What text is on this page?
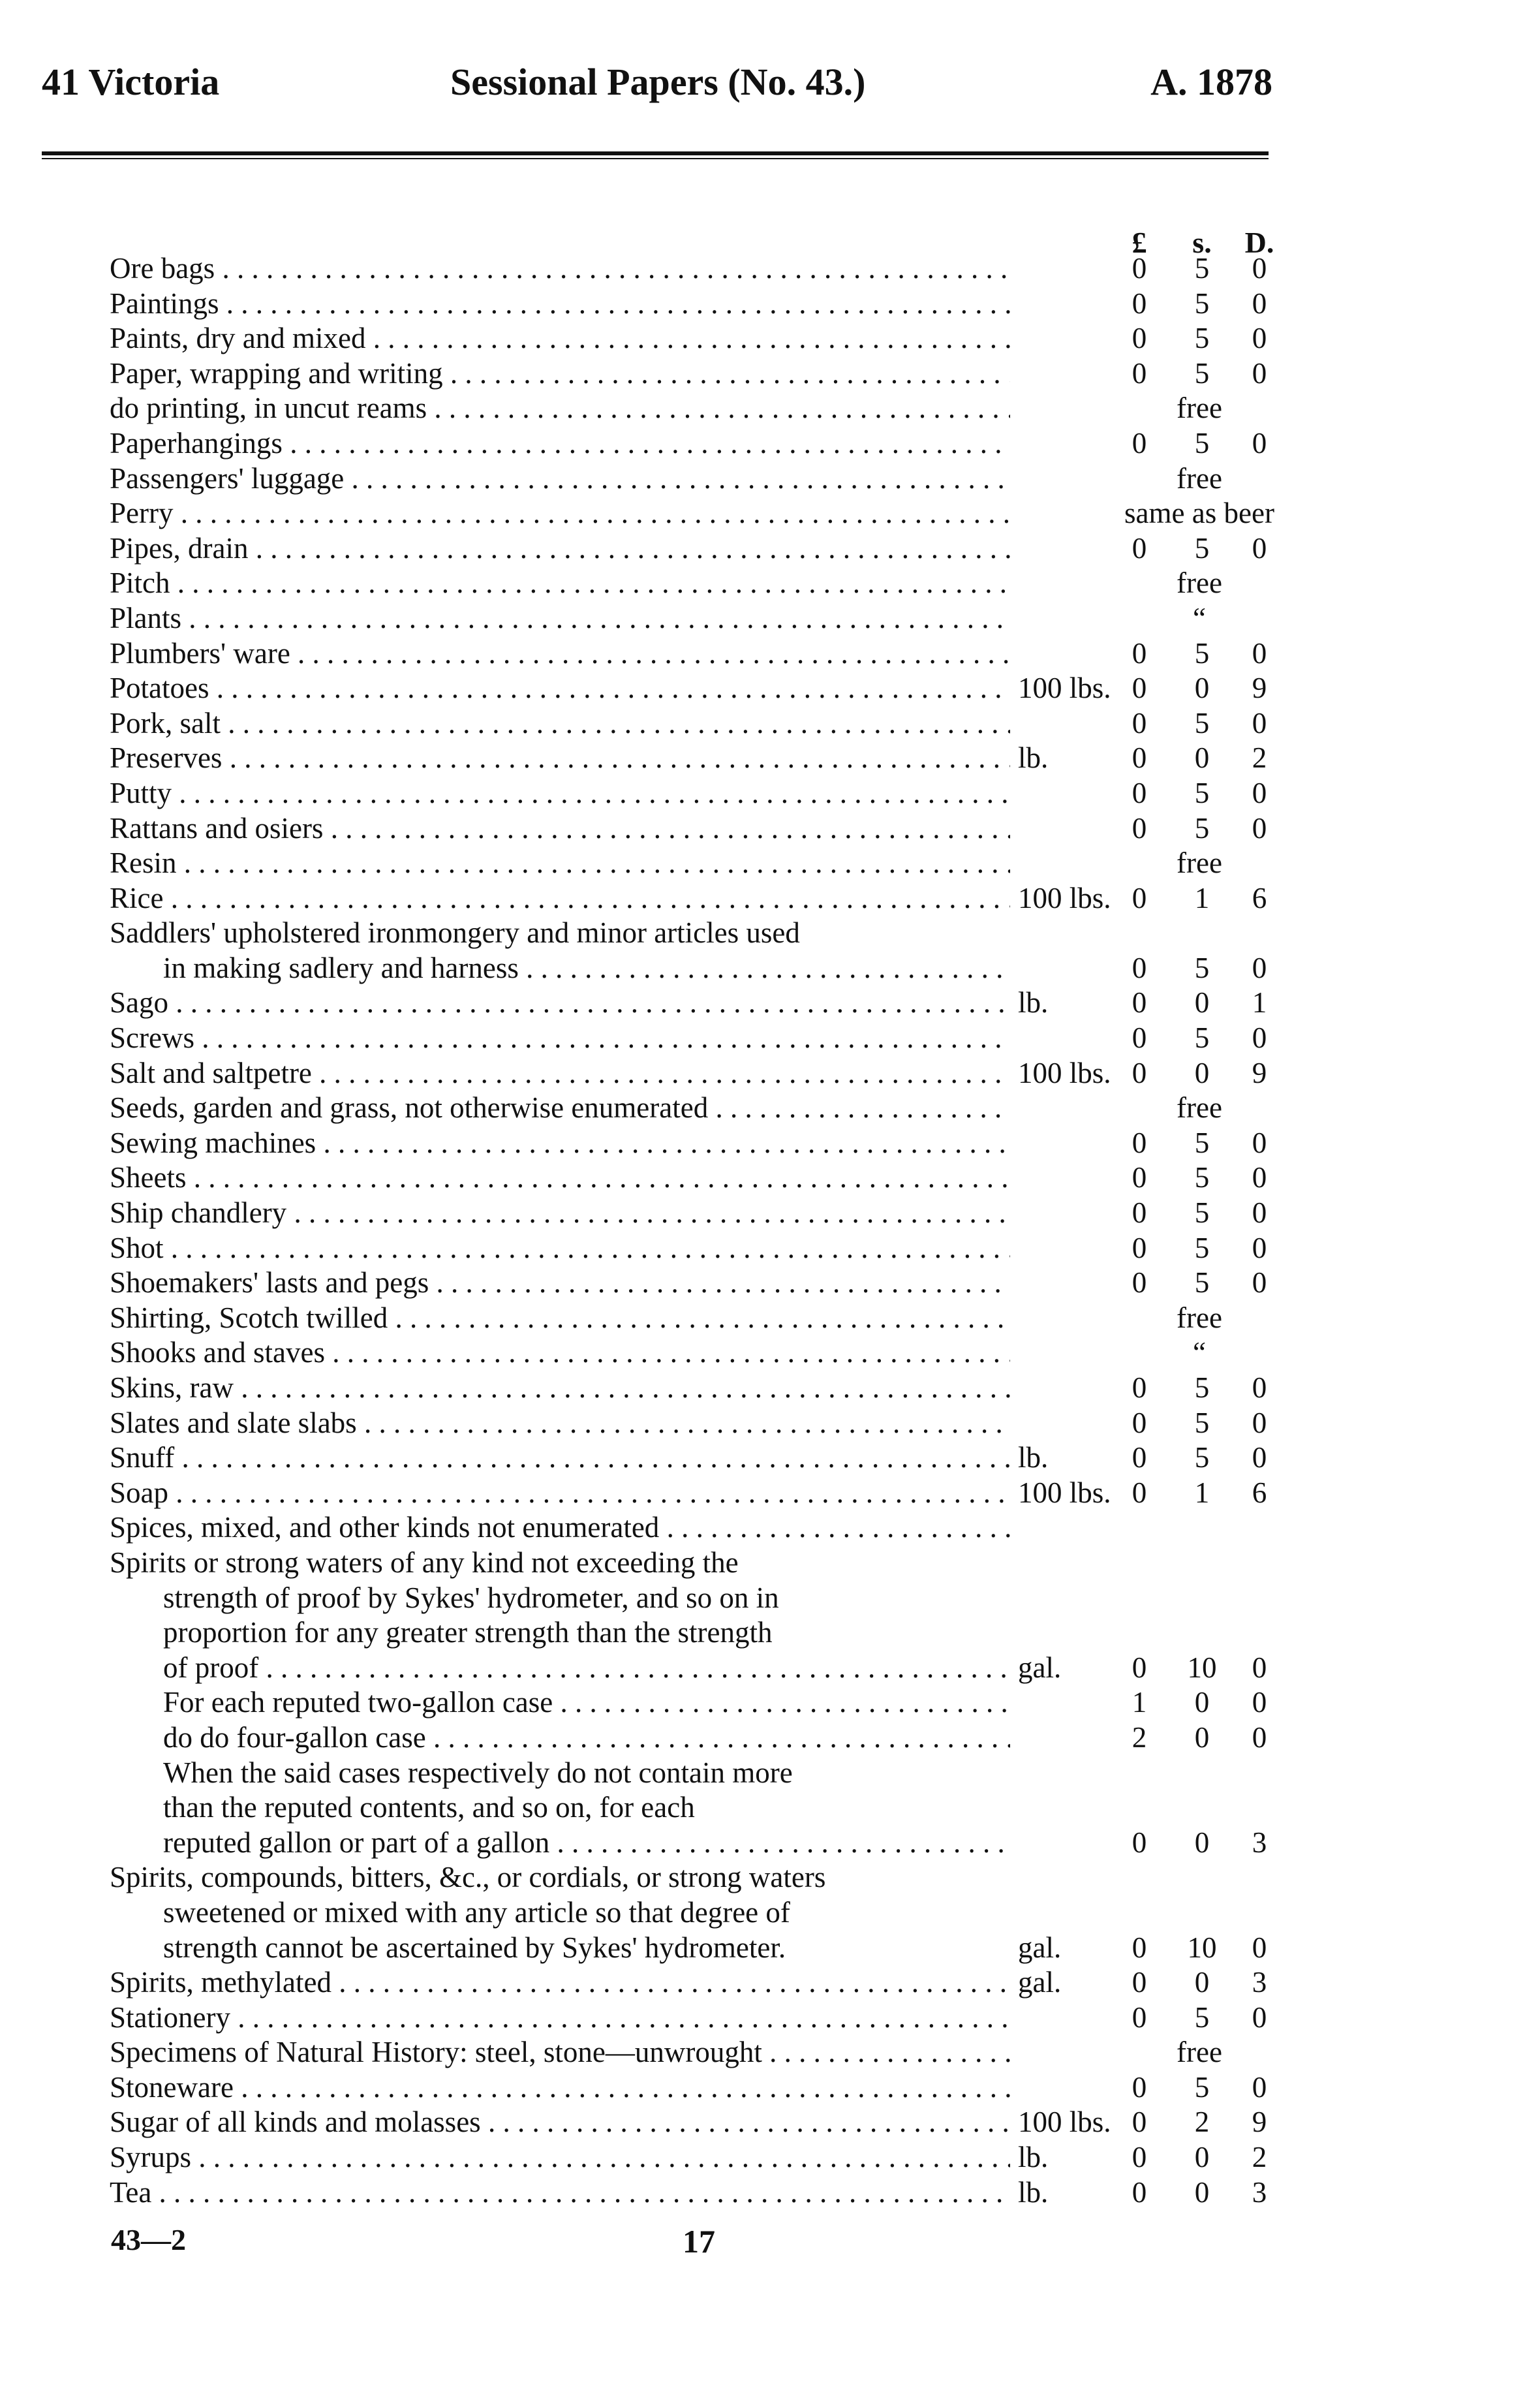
41 Victoria	Sessional Papers (No. 43.)	A. 1878
£	s.	D.
Ore bags . . .	0	5	0
Paintings . . .	0	5	0
Paints, dry and mixed . . .	0	5	0
Paper, wrapping and writing . . .	0	5	0
do printing, in uncut reams . . .	free
Paperhangings . . .	0	5	0
Passengers' luggage . . .	free
Perry . . .	same as beer
Pipes, drain . . .	0	5	0
Pitch . . .	free
Plants . . .	“
Plumbers' ware . . .	0	5	0
Potatoes . . .	100 lbs. 0	0	9
Pork, salt . . .	0	5	0
Preserves . . .	lb.	0	0	2
Putty . . .	0	5	0
Rattans and osiers . . .	0	5	0
Resin . . .	free
Rice . . .	100 lbs. 0	1	6
Saddlers' upholstered ironmongery and minor articles used
in making sadlery and harness . . .	0	5	0
Sago . . .	lb.	0	0	1
Screws . . .	0	5	0
Salt and saltpetre . . .	100 lbs. 0	0	9
Seeds, garden and grass, not otherwise enumerated . . .	free
Sewing machines . . .	0	5	0
Sheets . . .	0	5	0
Ship chandlery . . .	0	5	0
Shot . . .	0	5	0
Shoemakers' lasts and pegs . . .	0	5	0
Shirting, Scotch twilled . . .	free
Shooks and staves . . .	“
Skins, raw . . .	0	5	0
Slates and slate slabs . . .	0	5	0
Snuff . . .	lb.	0	5	0
Soap . . .	100 lbs. 0	1	6
Spices, mixed, and other kinds not enumerated . . .
Spirits or strong waters of any kind not exceeding the
strength of proof by Sykes' hydrometer, and so on in
proportion for any greater strength than the strength
of proof . . .	gal.	0	10	0
For each reputed two-gallon case . . .	1	0	0
do do four-gallon case . . .	2	0	0
When the said cases respectively do not contain more
than the reputed contents, and so on, for each
reputed gallon or part of a gallon . . .	0	0	3
Spirits, compounds, bitters, &c., or cordials, or strong waters
sweetened or mixed with any article so that degree of
strength cannot be ascertained by Sykes' hydrometer.	gal.	0	10	0
Spirits, methylated . . .	gal.	0	0	3
Stationery . . .	0	5	0
Specimens of Natural History: steel, stone—unwrought . . .	free
Stoneware . . .	0	5	0
Sugar of all kinds and molasses . . .	100 lbs. 0	2	9
Syrups . . .	lb.	0	0	2
Tea . . .	lb.	0	0	3
43—2	17
